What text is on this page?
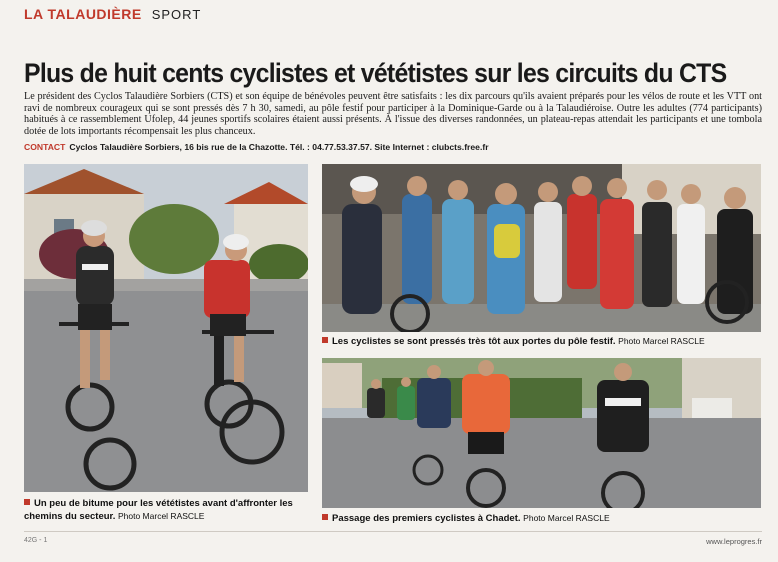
LA TALAUDIÈRE SPORT
Plus de huit cents cyclistes et vététistes sur les circuits du CTS

Le président des Cyclos Talaudière Sorbiers (CTS) et son équipe de bénévoles peuvent être satisfaits : les dix parcours qu'ils avaient préparés pour les vélos de route et les VTT ont ravi de nombreux courageux qui se sont pressés dès 7 h 30, samedi, au pôle festif pour participer à la Dominique-Garde ou à la Talaudiéroise. Outre les adultes (774 participants) habitués à ce rassemblement Ufolep, 44 jeunes sportifs scolaires étaient aussi présents. À l'issue des diverses randonnées, un plateau-repas attendait les participants et une tombola dotée de lots importants récompensait les plus chanceux.

CONTACT Cyclos Talaudière Sorbiers, 16 bis rue de la Chazotte. Tél. : 04.77.53.37.57. Site Internet : clubcts.free.fr
Un peu de bitume pour les vététistes avant d'affronter les chemins du secteur. Photo Marcel RASCLE
Les cyclistes se sont pressés très tôt aux portes du pôle festif. Photo Marcel RASCLE
Passage des premiers cyclistes à Chadet. Photo Marcel RASCLE
42G - 1	www.leprogres.fr
